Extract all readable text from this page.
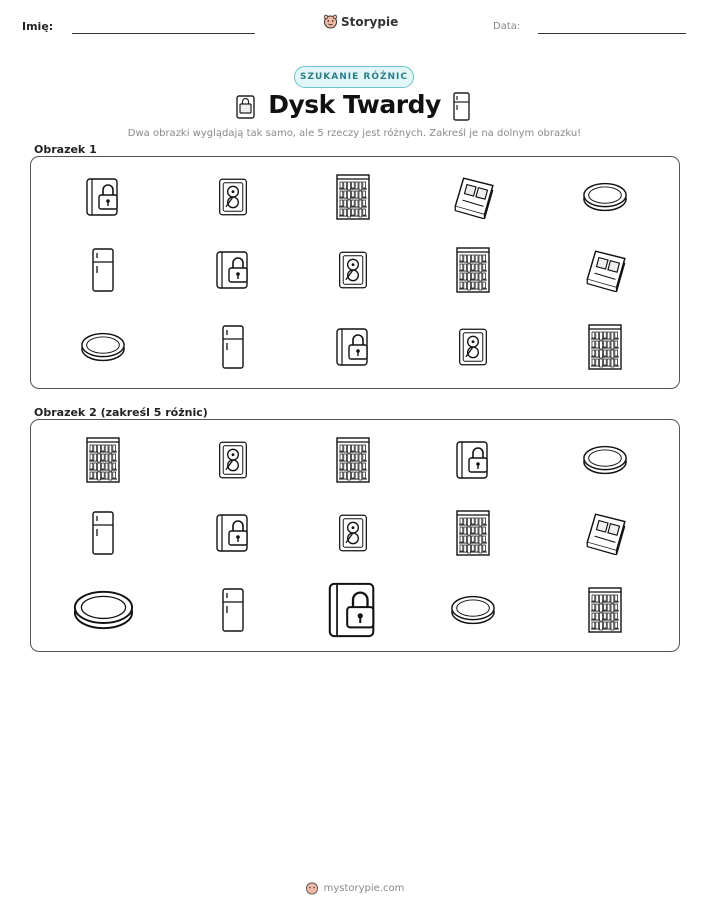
Imię:	Storypie	Data:
SZUKANIE RÓŻNIC
Dysk Twardy
Dwa obrazki wyglądają tak samo, ale 5 rzeczy jest różnych. Zakreśl je na dolnym obrazku!
Obrazek 1
Obrazek 2 (zakreśl 5 różnic)
mystorypie.com
